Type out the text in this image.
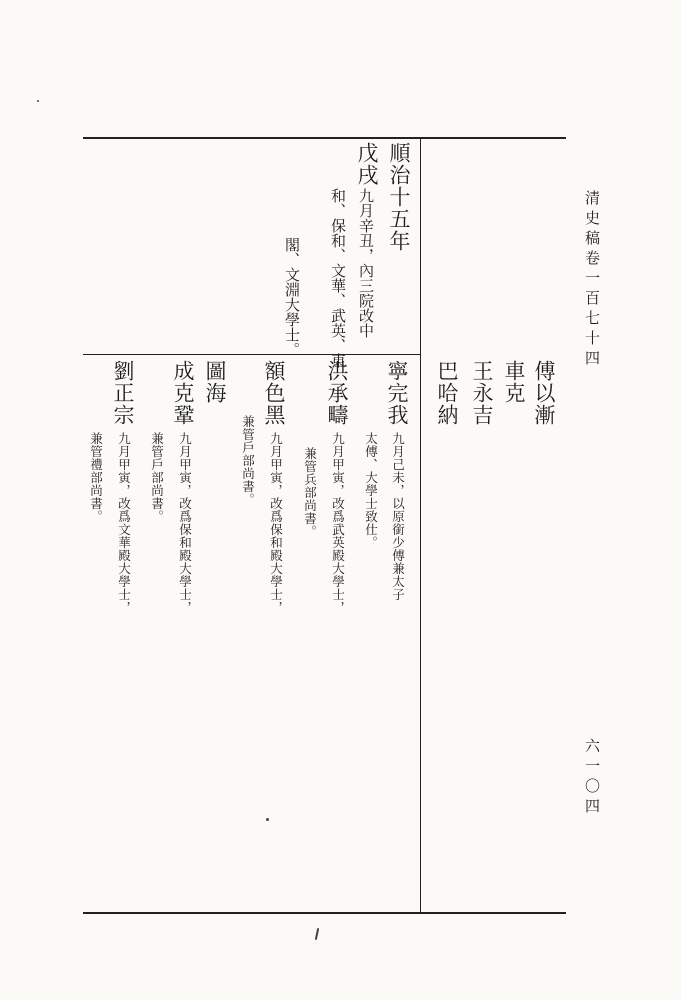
清史稿卷一百七十四
六一〇四
傅以漸
車克
王永吉
巴哈納
順治十五年
戊戌
九月辛丑，內三院改中
和、保和、文華、武英、東
閣、文淵大學士。
寧完我
九月己未，以原銜少傅兼太子
太傅、大學士致仕。
洪承疇
九月甲寅，改爲武英殿大學士，
兼管兵部尚書。
額色黑
九月甲寅，改爲保和殿大學士，
兼管戶部尚書。
圖海
成克鞏
九月甲寅，改爲保和殿大學士，
兼管戶部尚書。
劉正宗
九月甲寅，改爲文華殿大學士，
兼管禮部尚書。
